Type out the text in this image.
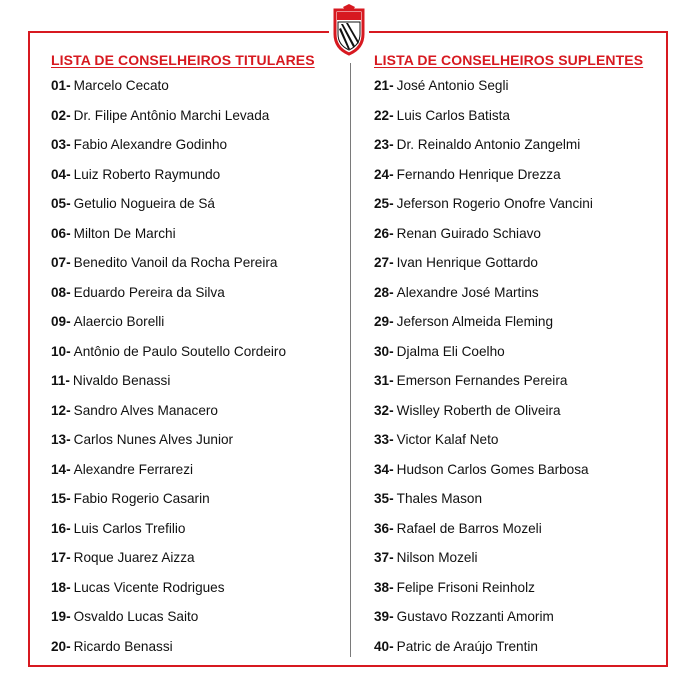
LISTA DE CONSELHEIROS TITULARES
01- Marcelo Cecato
02- Dr. Filipe Antônio Marchi Levada
03- Fabio Alexandre Godinho
04- Luiz Roberto Raymundo
05- Getulio Nogueira de Sá
06- Milton De Marchi
07- Benedito Vanoil da Rocha Pereira
08- Eduardo Pereira da Silva
09- Alaercio Borelli
10- Antônio de Paulo Soutello Cordeiro
11- Nivaldo Benassi
12- Sandro Alves Manacero
13- Carlos Nunes Alves Junior
14- Alexandre Ferrarezi
15- Fabio Rogerio Casarin
16- Luis Carlos Trefilio
17- Roque Juarez Aizza
18- Lucas Vicente Rodrigues
19- Osvaldo Lucas Saito
20- Ricardo Benassi
LISTA DE CONSELHEIROS SUPLENTES
21- José Antonio Segli
22- Luis Carlos Batista
23- Dr. Reinaldo Antonio Zangelmi
24- Fernando Henrique Drezza
25- Jeferson Rogerio Onofre Vancini
26- Renan Guirado Schiavo
27- Ivan Henrique Gottardo
28- Alexandre José Martins
29- Jeferson Almeida Fleming
30- Djalma Eli Coelho
31- Emerson Fernandes Pereira
32- Wislley Roberth de Oliveira
33- Victor Kalaf Neto
34- Hudson Carlos Gomes Barbosa
35- Thales Mason
36- Rafael de Barros Mozeli
37- Nilson Mozeli
38- Felipe Frisoni Reinholz
39- Gustavo Rozzanti Amorim
40- Patric de Araújo Trentin
